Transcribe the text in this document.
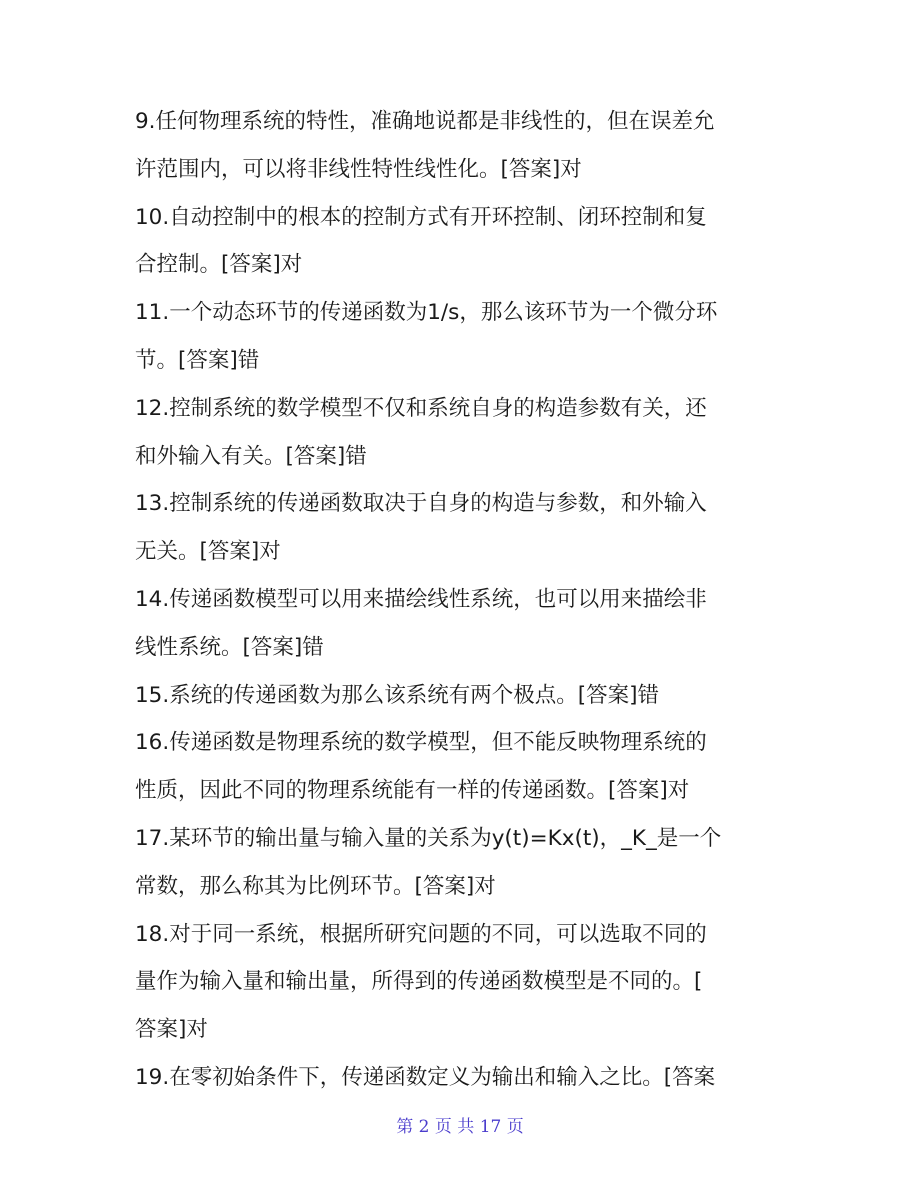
9.任何物理系统的特性，准确地说都是非线性的，但在误差允
许范围内，可以将非线性特性线性化。[答案]对
10.自动控制中的根本的控制方式有开环控制、闭环控制和复
合控制。[答案]对
11.一个动态环节的传递函数为1/s，那么该环节为一个微分环
节。[答案]错
12.控制系统的数学模型不仅和系统自身的构造参数有关，还
和外输入有关。[答案]错
13.控制系统的传递函数取决于自身的构造与参数，和外输入
无关。[答案]对
14.传递函数模型可以用来描绘线性系统，也可以用来描绘非
线性系统。[答案]错
15.系统的传递函数为那么该系统有两个极点。[答案]错
16.传递函数是物理系统的数学模型，但不能反映物理系统的
性质，因此不同的物理系统能有一样的传递函数。[答案]对
17.某环节的输出量与输入量的关系为y(t)=Kx(t)，_K_是一个
常数，那么称其为比例环节。[答案]对
18.对于同一系统，根据所研究问题的不同，可以选取不同的
量作为输入量和输出量，所得到的传递函数模型是不同的。[
答案]对
19.在零初始条件下，传递函数定义为输出和输入之比。[答案
第 2 页 共 17 页
